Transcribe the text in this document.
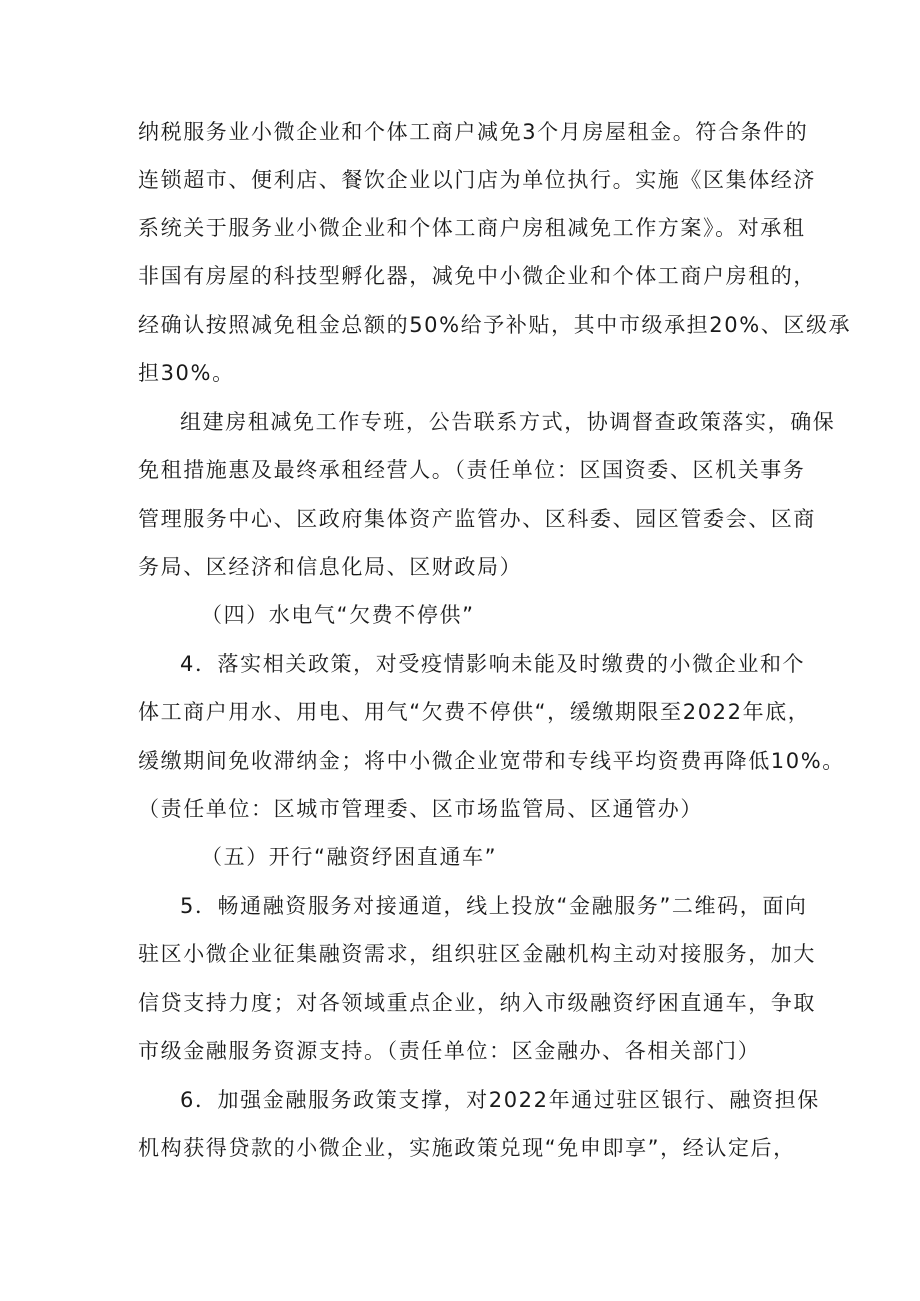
纳税服务业小微企业和个体工商户减免3个月房屋租金。符合条件的
连锁超市、便利店、餐饮企业以门店为单位执行。实施《区集体经济
系统关于服务业小微企业和个体工商户房租减免工作方案》。对承租
非国有房屋的科技型孵化器，减免中小微企业和个体工商户房租的，
经确认按照减免租金总额的50%给予补贴，其中市级承担20%、区级承
担30%。
组建房租减免工作专班，公告联系方式，协调督查政策落实，确保
免租措施惠及最终承租经营人。（责任单位：区国资委、区机关事务
管理服务中心、区政府集体资产监管办、区科委、园区管委会、区商
务局、区经济和信息化局、区财政局）
（四）水电气“欠费不停供”
4．落实相关政策，对受疫情影响未能及时缴费的小微企业和个
体工商户用水、用电、用气“欠费不停供“，缓缴期限至2022年底，
缓缴期间免收滞纳金；将中小微企业宽带和专线平均资费再降低10%。
（责任单位：区城市管理委、区市场监管局、区通管办）
（五）开行“融资纾困直通车”
5．畅通融资服务对接通道，线上投放“金融服务”二维码，面向
驻区小微企业征集融资需求，组织驻区金融机构主动对接服务，加大
信贷支持力度；对各领域重点企业，纳入市级融资纾困直通车，争取
市级金融服务资源支持。（责任单位：区金融办、各相关部门）
6．加强金融服务政策支撑，对2022年通过驻区银行、融资担保
机构获得贷款的小微企业，实施政策兑现“免申即享”，经认定后，
